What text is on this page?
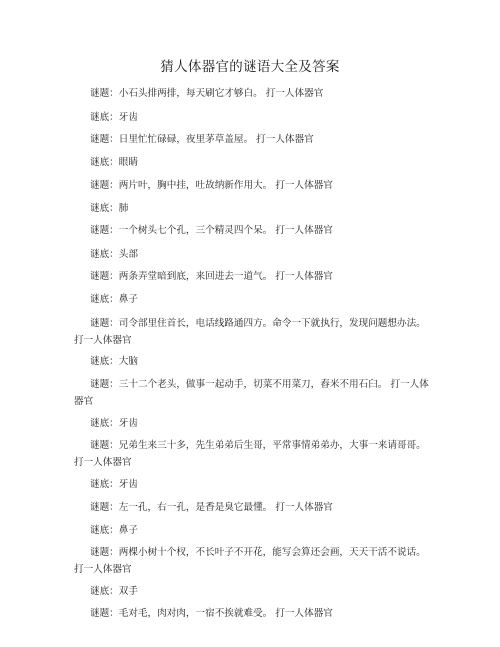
猜人体器官的谜语大全及答案
谜题：小石头排两排，每天刷它才够白。 打一人体器官
谜底：牙齿
谜题：日里忙忙碌碌，夜里茅草盖屋。 打一人体器官
谜底：眼睛
谜题：两片叶，胸中挂，吐故纳新作用大。 打一人体器官
谜底：肺
谜题：一个树头七个孔，三个精灵四个呆。 打一人体器官
谜底：头部
谜题：两条弄堂暗到底，来回进去一道气。 打一人体器官
谜底：鼻子
谜题：司令部里住首长，电话线路通四方。命令一下就执行，发现问题想办法。 打一人体器官
谜底：大脑
谜题：三十二个老头，做事一起动手，切菜不用菜刀，舂米不用石臼。 打一人体器官
谜底：牙齿
谜题：兄弟生来三十多，先生弟弟后生哥，平常事情弟弟办，大事一来请哥哥。 打一人体器官
谜底：牙齿
谜题：左一孔，右一孔，是香是臭它最懂。 打一人体器官
谜底：鼻子
谜题：两棵小树十个杈，不长叶子不开花，能写会算还会画，天天干活不说话。 打一人体器官
谜底：双手
谜题：毛对毛，肉对肉，一宿不挨就难受。 打一人体器官
